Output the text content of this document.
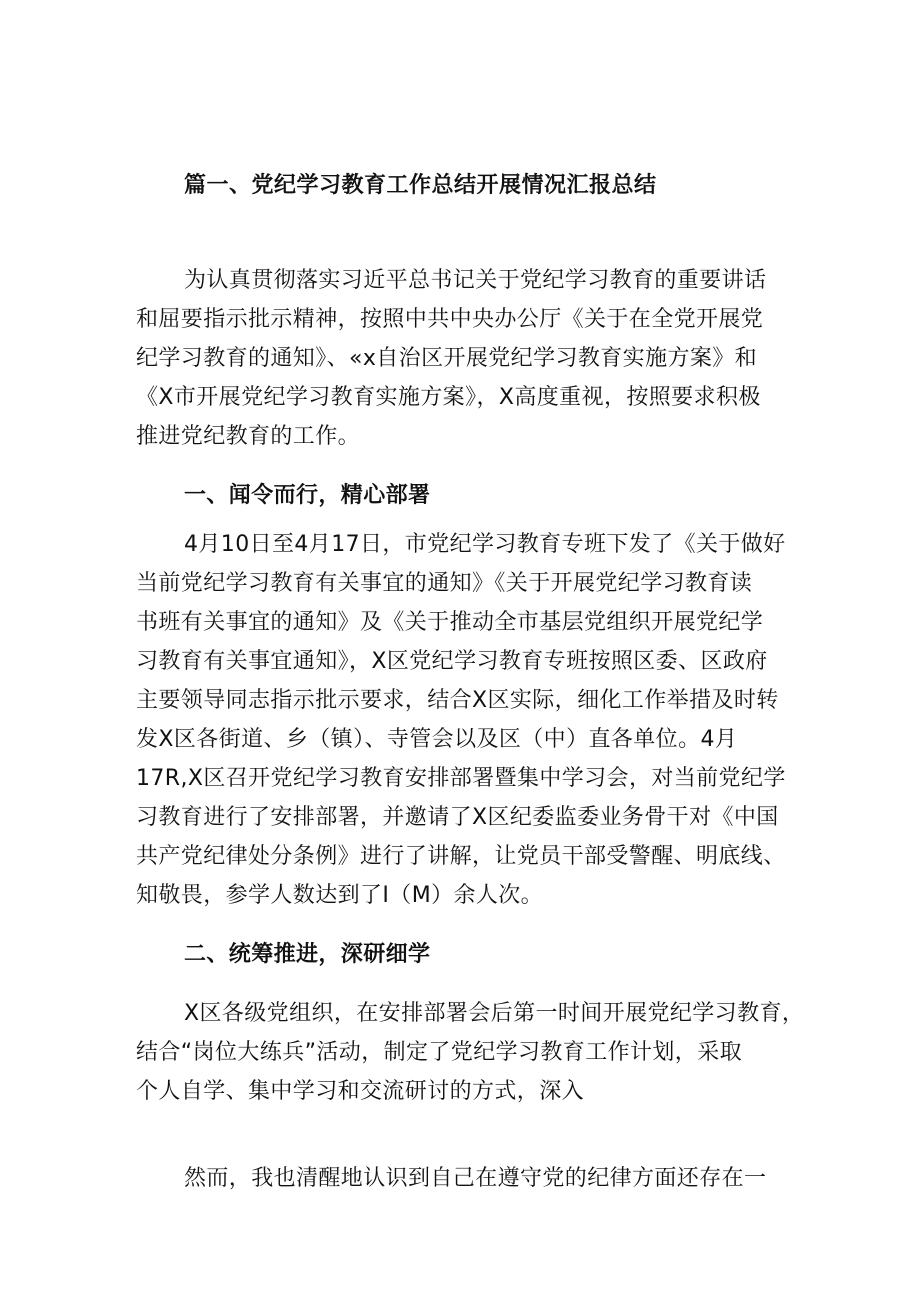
篇一、党纪学习教育工作总结开展情况汇报总结

为认真贯彻落实习近平总书记关于党纪学习教育的重要讲话

和屈要指示批示精神，按照中共中央办公厅《关于在全党开展党

纪学习教育的通知》、«x自治区开展党纪学习教育实施方案》和

《X市开展党纪学习教育实施方案》，X高度重视，按照要求积极

推进党纪教育的工作。

一、闻令而行，精心部署

4月10日至4月17日，市党纪学习教育专班下发了《关于做好

当前党纪学习教育有关事宜的通知》《关于开展党纪学习教育读

书班有关事宜的通知》及《关于推动全市基层党组织开展党纪学

习教育有关事宜通知》，X区党纪学习教育专班按照区委、区政府

主要领导同志指示批示要求，结合X区实际，细化工作举措及时转

发X区各街道、乡（镇）、寺管会以及区（中）直各单位。4月

17R,X区召开党纪学习教育安排部署暨集中学习会，对当前党纪学

习教育进行了安排部署，并邀请了X区纪委监委业务骨干对《中国

共产党纪律处分条例》进行了讲解，让党员干部受警醒、明底线、

知敬畏，参学人数达到了I（M）余人次。

二、统筹推进，深研细学

X区各级党组织，在安排部署会后第一时间开展党纪学习教育，

结合“岗位大练兵”活动，制定了党纪学习教育工作计划，采取

个人自学、集中学习和交流研讨的方式，深入

然而，我也清醒地认识到自己在遵守党的纪律方面还存在一
